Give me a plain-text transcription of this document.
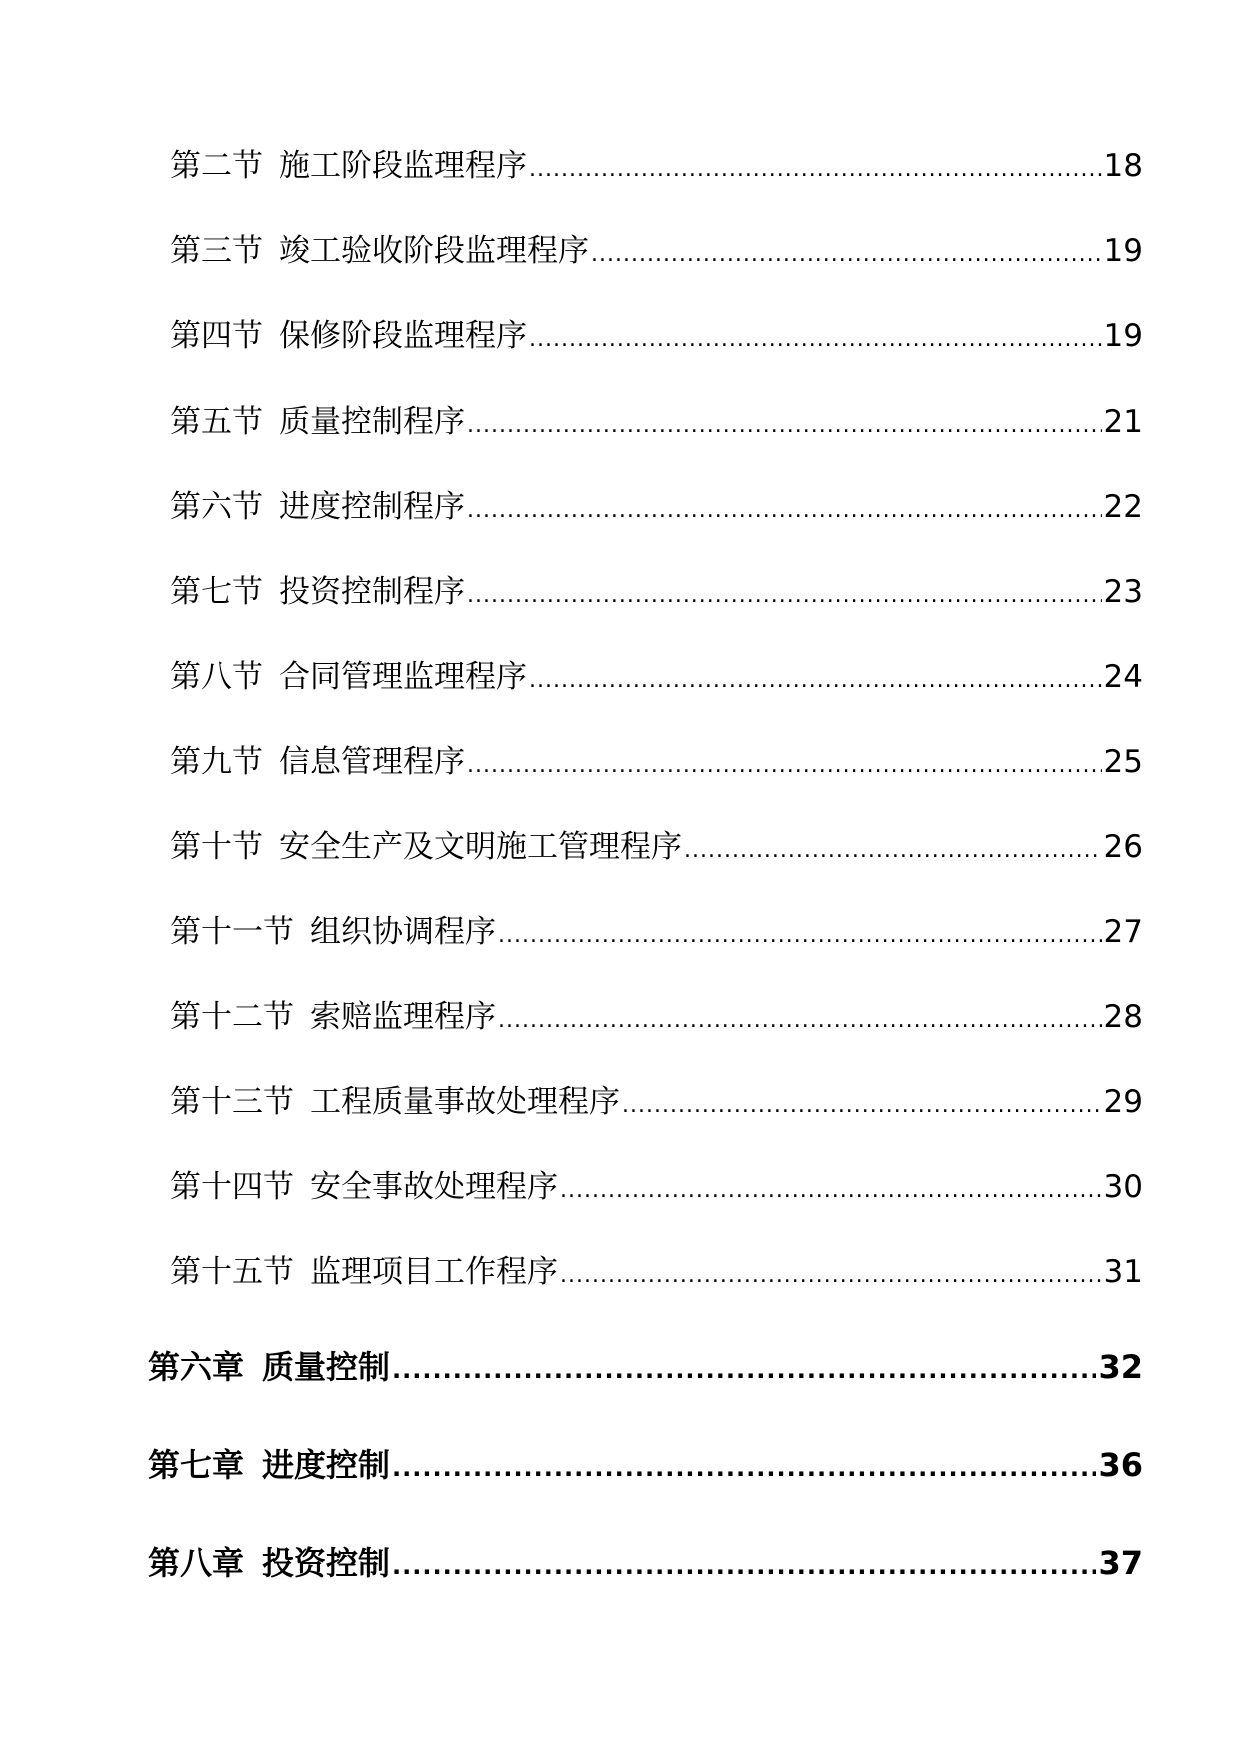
第二节 施工阶段监理程序 .....	18
第三节 竣工验收阶段监理程序 .....	19
第四节 保修阶段监理程序 .....	19
第五节 质量控制程序 .....	21
第六节 进度控制程序 .....	22
第七节 投资控制程序 .....	23
第八节 合同管理监理程序 .....	24
第九节 信息管理程序 .....	25
第十节 安全生产及文明施工管理程序 .....	26
第十一节 组织协调程序 .....	27
第十二节 索赔监理程序 .....	28
第十三节 工程质量事故处理程序 .....	29
第十四节 安全事故处理程序 .....	30
第十五节 监理项目工作程序 .....	31
第六章 质量控制 .....	32
第七章 进度控制 .....	36
第八章 投资控制 .....	37
